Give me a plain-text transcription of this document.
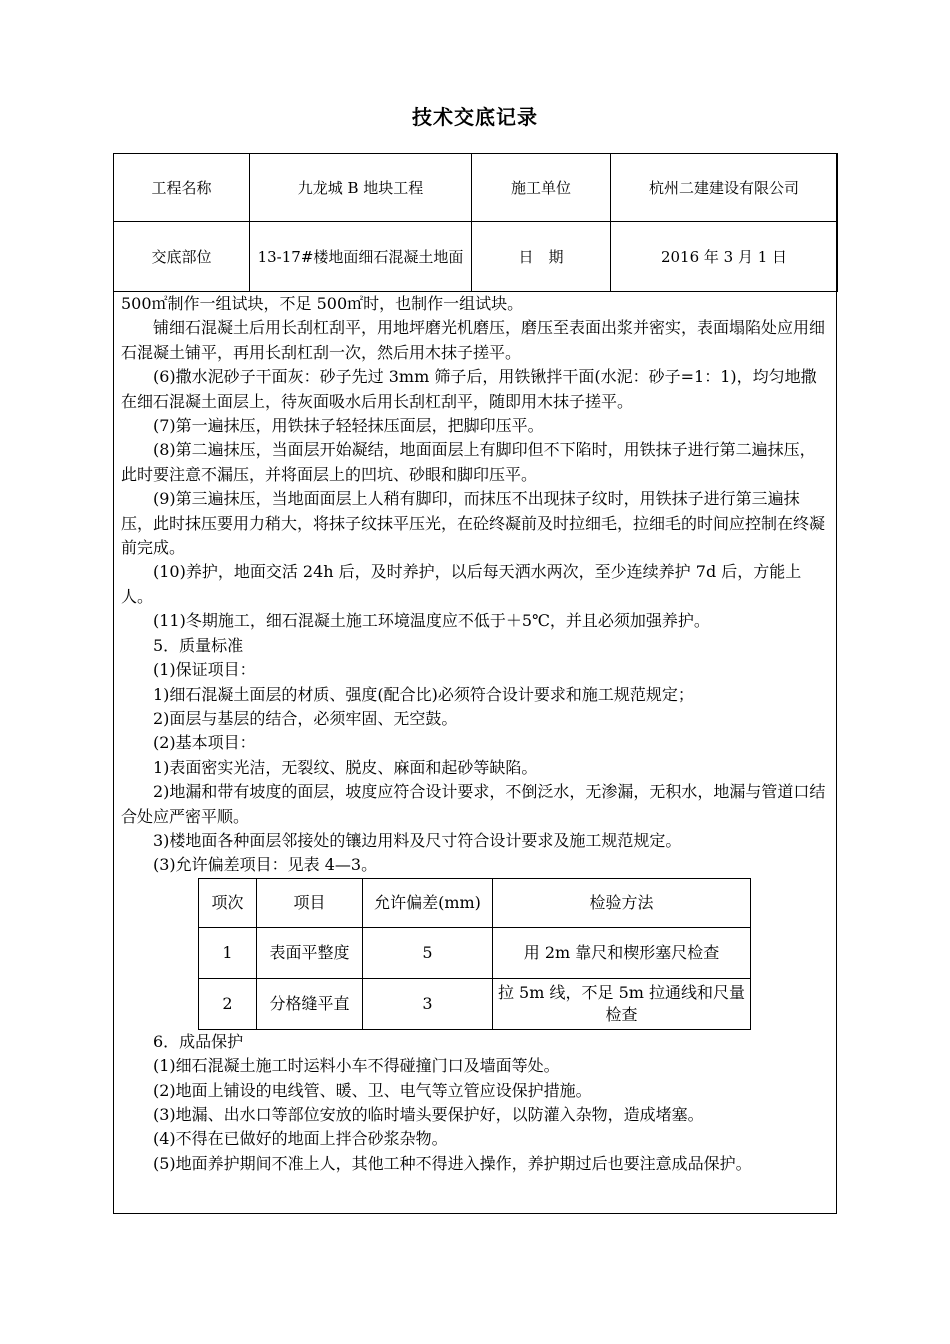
技术交底记录
工程名称	九龙城 B 地块工程	施工单位	杭州二建建设有限公司
交底部位	13-17#楼地面细石混凝土地面	日　期	2016 年 3 月 1 日

500㎡制作一组试块，不足 500㎡时，也制作一组试块。

铺细石混凝土后用长刮杠刮平，用地坪磨光机磨压，磨压至表面出浆并密实，表面塌陷处应用细石混凝土铺平，再用长刮杠刮一次，然后用木抹子搓平。

(6)撒水泥砂子干面灰：砂子先过 3mm 筛子后，用铁锹拌干面(水泥：砂子=1：1)，均匀地撒在细石混凝土面层上，待灰面吸水后用长刮杠刮平，随即用木抹子搓平。

(7)第一遍抹压，用铁抹子轻轻抹压面层，把脚印压平。

(8)第二遍抹压，当面层开始凝结，地面面层上有脚印但不下陷时，用铁抹子进行第二遍抹压，此时要注意不漏压，并将面层上的凹坑、砂眼和脚印压平。

(9)第三遍抹压，当地面面层上人稍有脚印，而抹压不出现抹子纹时，用铁抹子进行第三遍抹压，此时抹压要用力稍大，将抹子纹抹平压光，在砼终凝前及时拉细毛，拉细毛的时间应控制在终凝前完成。

(10)养护，地面交活 24h 后，及时养护，以后每天洒水两次，至少连续养护 7d 后，方能上人。

(11)冬期施工，细石混凝土施工环境温度应不低于＋5℃，并且必须加强养护。

5．质量标准

(1)保证项目：

1)细石混凝土面层的材质、强度(配合比)必须符合设计要求和施工规范规定；

2)面层与基层的结合，必须牢固、无空鼓。

(2)基本项目：

1)表面密实光洁，无裂纹、脱皮、麻面和起砂等缺陷。

2)地漏和带有坡度的面层，坡度应符合设计要求，不倒泛水，无渗漏，无积水，地漏与管道口结合处应严密平顺。

3)楼地面各种面层邻接处的镶边用料及尺寸符合设计要求及施工规范规定。

(3)允许偏差项目：见表 4—3。

项次	项目	允许偏差(mm)	检验方法
1	表面平整度	5	用 2m 靠尺和楔形塞尺检查
2	分格缝平直	3	拉 5m 线，不足 5m 拉通线和尺量检查

6．成品保护

(1)细石混凝土施工时运料小车不得碰撞门口及墙面等处。

(2)地面上铺设的电线管、暖、卫、电气等立管应设保护措施。

(3)地漏、出水口等部位安放的临时墙头要保护好，以防灌入杂物，造成堵塞。

(4)不得在已做好的地面上拌合砂浆杂物。

(5)地面养护期间不准上人，其他工种不得进入操作，养护期过后也要注意成品保护。
